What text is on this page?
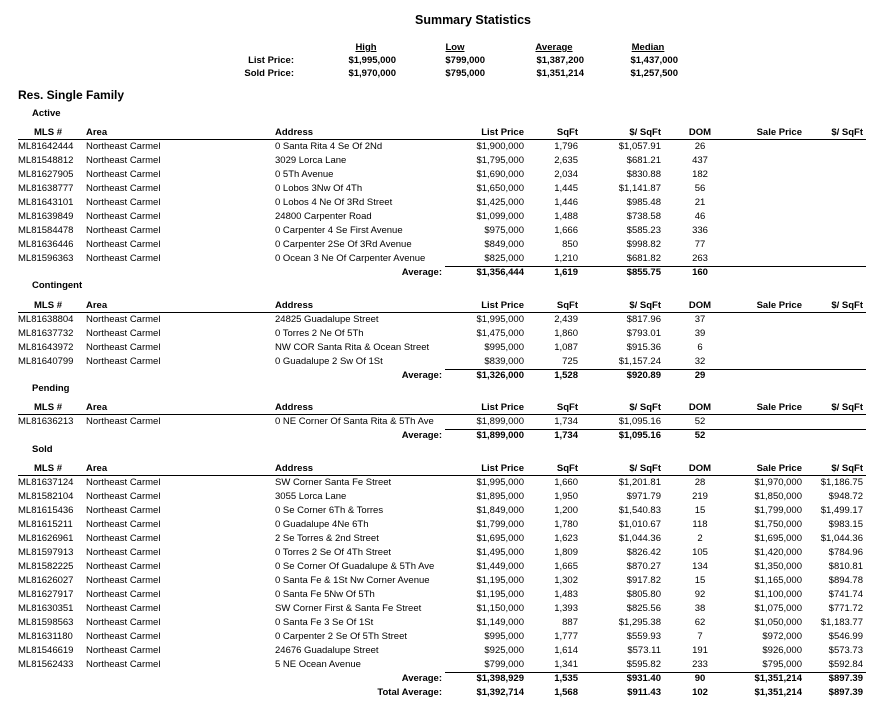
Summary Statistics
High	Low	Average	Median
List Price:	$1,995,000	$799,000	$1,387,200	$1,437,000
Sold Price:	$1,970,000	$795,000	$1,351,214	$1,257,500
Res. Single Family
Active
MLS #	Area	Address	List Price	SqFt	$/ SqFt	DOM	Sale Price	$/ SqFt
ML81642444 Northeast Carmel	0 Santa Rita 4 Se Of 2Nd	$1,900,000	1,796	$1,057.91	26
ML81548812 Northeast Carmel	3029 Lorca Lane	$1,795,000	2,635	$681.21	437
ML81627905 Northeast Carmel	0 5Th Avenue	$1,690,000	2,034	$830.88	182
ML81638777 Northeast Carmel	0 Lobos 3Nw Of 4Th	$1,650,000	1,445	$1,141.87	56
ML81643101 Northeast Carmel	0 Lobos 4 Ne Of 3Rd Street	$1,425,000	1,446	$985.48	21
ML81639849 Northeast Carmel	24800 Carpenter Road	$1,099,000	1,488	$738.58	46
ML81584478 Northeast Carmel	0 Carpenter 4 Se First Avenue	$975,000	1,666	$585.23	336
ML81636446 Northeast Carmel	0 Carpenter 2Se Of 3Rd Avenue	$849,000	850	$998.82	77
ML81596363 Northeast Carmel	0 Ocean 3 Ne Of Carpenter Avenue	$825,000	1,210	$681.82	263
Average:	$1,356,444	1,619	$855.75	160
Contingent
MLS #	Area	Address	List Price	SqFt	$/ SqFt	DOM	Sale Price	$/ SqFt
ML81638804 Northeast Carmel	24825 Guadalupe Street	$1,995,000	2,439	$817.96	37
ML81637732 Northeast Carmel	0 Torres 2 Ne Of 5Th	$1,475,000	1,860	$793.01	39
ML81643972 Northeast Carmel	NW COR Santa Rita & Ocean Street	$995,000	1,087	$915.36	6
ML81640799 Northeast Carmel	0 Guadalupe 2 Sw Of 1St	$839,000	725	$1,157.24	32
Average:	$1,326,000	1,528	$920.89	29
Pending
MLS #	Area	Address	List Price	SqFt	$/ SqFt	DOM	Sale Price	$/ SqFt
ML81636213 Northeast Carmel	0 NE Corner Of Santa Rita & 5Th Ave	$1,899,000	1,734	$1,095.16	52
Average:	$1,899,000	1,734	$1,095.16	52
Sold
MLS #	Area	Address	List Price	SqFt	$/ SqFt	DOM	Sale Price	$/ SqFt
ML81637124 Northeast Carmel	SW Corner Santa Fe Street	$1,995,000	1,660	$1,201.81	28	$1,970,000	$1,186.75
ML81582104 Northeast Carmel	3055 Lorca Lane	$1,895,000	1,950	$971.79	219	$1,850,000	$948.72
ML81615436 Northeast Carmel	0 Se Corner 6Th & Torres	$1,849,000	1,200	$1,540.83	15	$1,799,000	$1,499.17
ML81615211 Northeast Carmel	0 Guadalupe 4Ne 6Th	$1,799,000	1,780	$1,010.67	118	$1,750,000	$983.15
ML81626961 Northeast Carmel	2 Se Torres & 2nd Street	$1,695,000	1,623	$1,044.36	2	$1,695,000	$1,044.36
ML81597913 Northeast Carmel	0 Torres 2 Se Of 4Th Street	$1,495,000	1,809	$826.42	105	$1,420,000	$784.96
ML81582225 Northeast Carmel	0 Se Corner Of Guadalupe & 5Th Ave	$1,449,000	1,665	$870.27	134	$1,350,000	$810.81
ML81626027 Northeast Carmel	0 Santa Fe & 1St Nw Corner Avenue	$1,195,000	1,302	$917.82	15	$1,165,000	$894.78
ML81627917 Northeast Carmel	0 Santa Fe 5Nw Of 5Th	$1,195,000	1,483	$805.80	92	$1,100,000	$741.74
ML81630351 Northeast Carmel	SW Corner First & Santa Fe Street	$1,150,000	1,393	$825.56	38	$1,075,000	$771.72
ML81598563 Northeast Carmel	0 Santa Fe 3 Se Of 1St	$1,149,000	887	$1,295.38	62	$1,050,000	$1,183.77
ML81631180 Northeast Carmel	0 Carpenter 2 Se Of 5Th Street	$995,000	1,777	$559.93	7	$972,000	$546.99
ML81546619 Northeast Carmel	24676 Guadalupe Street	$925,000	1,614	$573.11	191	$926,000	$573.73
ML81562433 Northeast Carmel	5 NE Ocean Avenue	$799,000	1,341	$595.82	233	$795,000	$592.84
Average:	$1,398,929	1,535	$931.40	90	$1,351,214	$897.39
Total Average:	$1,392,714	1,568	$911.43	102	$1,351,214	$897.39
